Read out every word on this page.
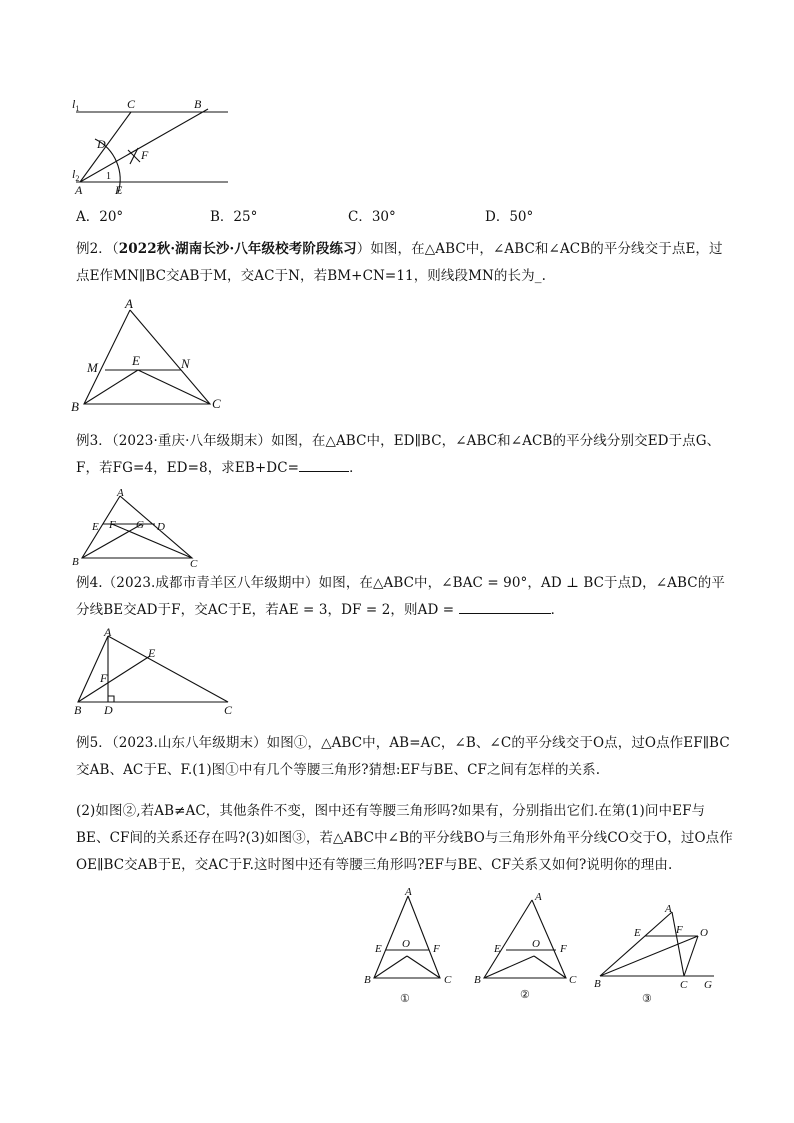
$l_1$
$l_2$
C	B
D
F
A	E
1
A．20°	B．25°	C．30°	D．50°
例2．（2022秋·湖南长沙·八年级校考阶段练习）如图，在△ABC中，∠ABC和∠ACB的平分线交于点E，过点E作MN∥BC交AB于M，交AC于N，若BM+CN=11，则线段MN的长为_.
A
M	E	N
B	C
例3．（2023·重庆·八年级期末）如图，在△ABC中，ED∥BC，∠ABC和∠ACB的平分线分别交ED于点G、F，若FG=4，ED=8，求EB+DC=	．
A
E F G D
B	C
例4.（2023.成都市青羊区八年级期中）如图，在△ABC中，∠BAC = 90°，AD ⊥ BC于点D，∠ABC的平分线BE交AD于F，交AC于E，若AE = 3，DF = 2，则AD =	．
A
E
F
B D	C
例5．（2023.山东八年级期末）如图①，△ABC中，AB=AC，∠B、∠C的平分线交于O点，过O点作EF∥BC交AB、AC于E、F.(1)图①中有几个等腰三角形?猜想:EF与BE、CF之间有怎样的关系.
(2)如图②,若AB≠AC，其他条件不变，图中还有等腰三角形吗?如果有，分别指出它们.在第(1)问中EF与BE、CF间的关系还存在吗?(3)如图③，若△ABC中∠B的平分线BO与三角形外角平分线CO交于O，过O点作OE∥BC交AB于E，交AC于F.这时图中还有等腰三角形吗?EF与BE、CF关系又如何?说明你的理由.
A
E O F
B	C
①
A
E	O F
B	C
②
A
E	F O
B	C G
③
